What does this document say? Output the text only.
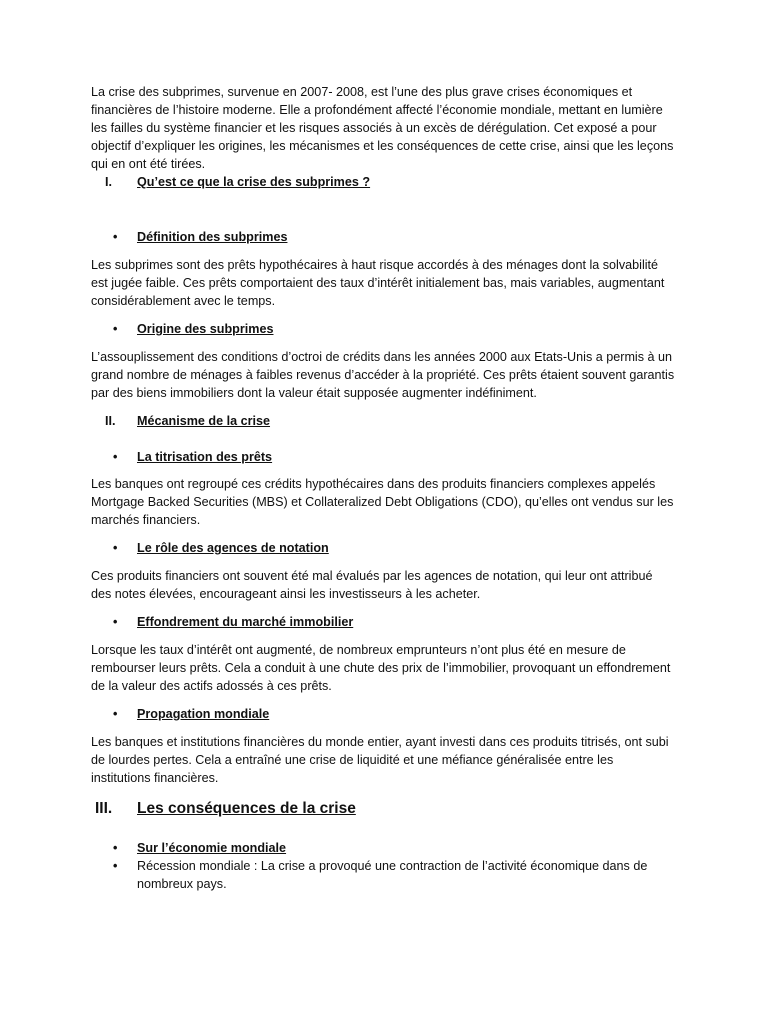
La crise des subprimes, survenue en 2007- 2008, est l’une des plus grave crises économiques et financières de l’histoire moderne. Elle a profondément affecté l’économie mondiale, mettant en lumière les failles du système financier et les risques associés à un excès de dérégulation. Cet exposé a pour objectif d’expliquer les origines, les mécanismes et les conséquences de cette crise, ainsi que les leçons qui en ont été tirées.

I.	Qu’est ce que la crise des subprimes ?
•	Définition des subprimes

Les subprimes sont des prêts hypothécaires à haut risque accordés à des ménages dont la solvabilité est jugée faible. Ces prêts comportaient des taux d’intérêt initialement bas, mais variables, augmentant considérablement avec le temps.

•	Origine des subprimes

L’assouplissement des conditions d’octroi de crédits dans les années 2000 aux Etats-Unis a permis à un grand nombre de ménages à faibles revenus d’accéder à la propriété. Ces prêts étaient souvent garantis par des biens immobiliers dont la valeur était supposée augmenter indéfiniment.

II.	Mécanisme de la crise
•	La titrisation des prêts

Les banques ont regroupé ces crédits hypothécaires dans des produits financiers complexes appelés Mortgage Backed Securities (MBS) et Collateralized Debt Obligations (CDO), qu’elles ont vendus sur les marchés financiers.

•	Le rôle des agences de notation

Ces produits financiers ont souvent été mal évalués par les agences de notation, qui leur ont attribué des notes élevées, encourageant ainsi les investisseurs à les acheter.

•	Effondrement du marché immobilier

Lorsque les taux d’intérêt ont augmenté, de nombreux emprunteurs n’ont plus été en mesure de rembourser leurs prêts. Cela a conduit à une chute des prix de l’immobilier, provoquant un effondrement de la valeur des actifs adossés à ces prêts.

•	Propagation mondiale

Les banques et institutions financières du monde entier, ayant investi dans ces produits titrisés, ont subi de lourdes pertes. Cela a entraîné une crise de liquidité et une méfiance généralisée entre les institutions financières.

III.	Les conséquences de la crise
•	Sur l’économie mondiale
•	Récession mondiale : La crise a provoqué une contraction de l’activité économique dans de nombreux pays.
